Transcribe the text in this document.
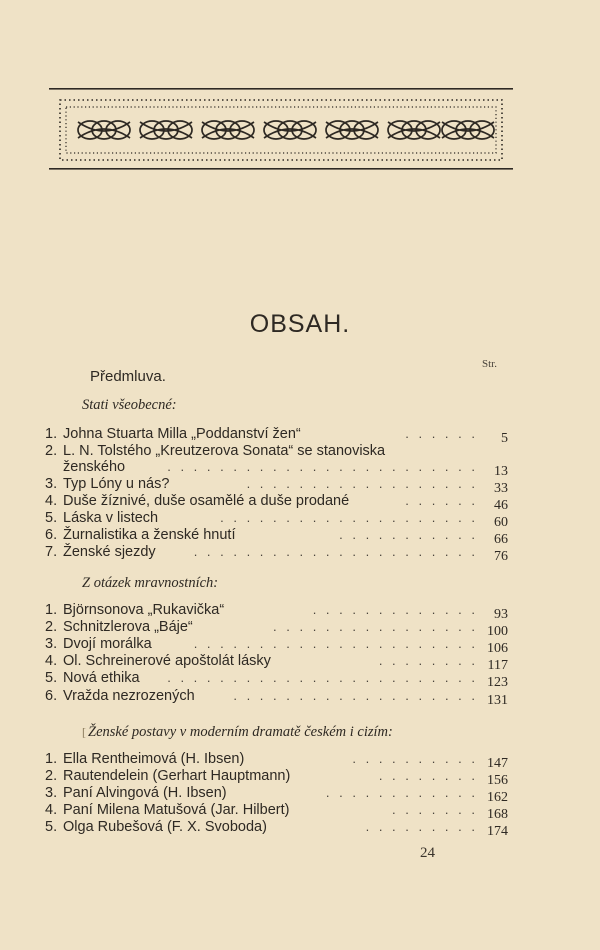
OBSAH.
Str.
Předmluva.
Stati všeobecné:
1. Johna Stuarta Milla „Poddanství žen“	. . . . . .	5
2. L. N. Tolstého „Kreutzerova Sonata“ se stanoviska
ženského	. . . . . . . . . . . . . . . . . . . . . . . .	13
3. Typ Lóny u nás?	. . . . . . . . . . . . . . . . . .	33
4. Duše žíznivé, duše osamělé a duše prodané	. . . . . .	46
5. Láska v listech	. . . . . . . . . . . . . . . . . . . .	60
6. Žurnalistika a ženské hnutí	. . . . . . . . . . .	66
7. Ženské sjezdy	. . . . . . . . . . . . . . . . . . . . . .	76
Z otázek mravnostních:
1. Björnsonova „Rukavička“	. . . . . . . . . . . . .	93
2. Schnitzlerova „Báje“	. . . . . . . . . . . . . . . . 100
3. Dvojí morálka	. . . . . . . . . . . . . . . . . . . . . . 106
4. Ol. Schreinerové apoštolát lásky	. . . . . . . . 117
5. Nová ethika . . . . . . . . . . . . . . . . . . . . . . . . 123
6. Vražda nezrozených	. . . . . . . . . . . . . . . . . . . 131
[ Ženské postavy v moderním dramatě českém i cizím:
1. Ella Rentheimová (H. Ibsen)	. . . . . . . . . . 147
2. Rautendelein (Gerhart Hauptmann)	. . . . . . . . 156
3. Paní Alvingová (H. Ibsen)	. . . . . . . . . . . . 162
4. Paní Milena Matušová (Jar. Hilbert)	. . . . . . . 168
5. Olga Rubešová (F. X. Svoboda)	. . . . . . . . . 174
24
